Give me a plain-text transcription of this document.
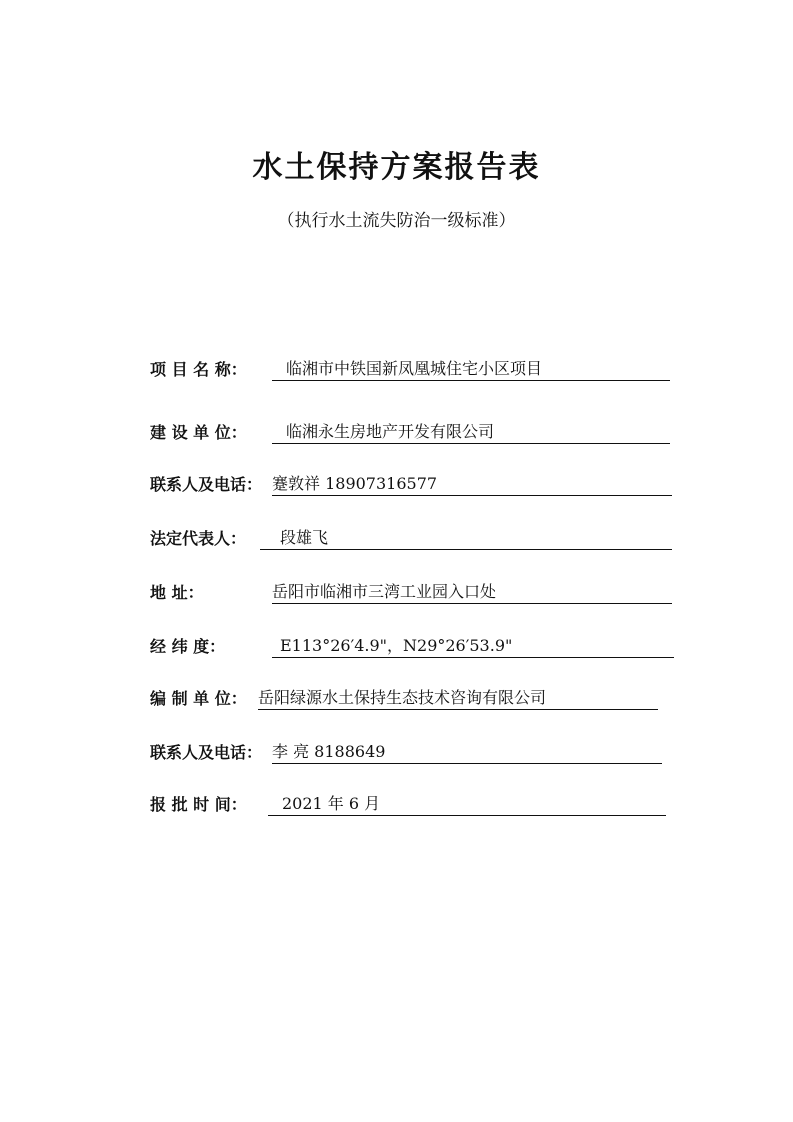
水土保持方案报告表
（执行水土流失防治一级标准）
项 目 名 称：	临湘市中铁国新凤凰城住宅小区项目
建 设 单 位：	临湘永生房地产开发有限公司
联系人及电话： 蹇敦祥 18907316577
法定代表人：	段雄飞
地 址：	岳阳市临湘市三湾工业园入口处
经 纬 度：	E113°26′4.9"，N29°26′53.9"
编 制 单 位： 岳阳绿源水土保持生态技术咨询有限公司
联系人及电话： 李 亮 8188649
报 批 时 间：	2021 年 6 月
